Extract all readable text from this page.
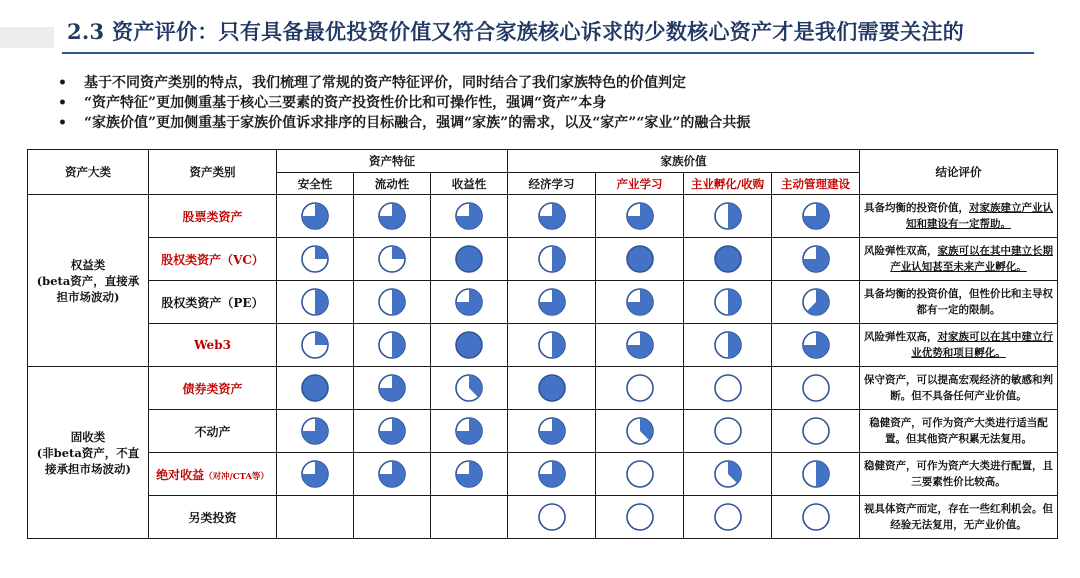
2.3 资产评价：只有具备最优投资价值又符合家族核心诉求的少数核心资产才是我们需要关注的
• 基于不同资产类别的特点，我们梳理了常规的资产特征评价，同时结合了我们家族特色的价值判定
• “资产特征”更加侧重基于核心三要素的资产投资性价比和可操作性，强调“资产”本身
• “家族价值”更加侧重基于家族价值诉求排序的目标融合，强调“家族”的需求，以及“家产”“家业”的融合共振
资产大类	资产类别	资产特征			家族价值				结论评价
		安全性	流动性	收益性	经济学习	产业学习	主业孵化/收购	主动管理建设	

权益类
(beta资产，直接承
担市场波动)	股票类资产								具备均衡的投资价值，对家族建立产业认知和建设有一定帮助。
	股权类资产（VC）								风险弹性双高，家族可以在其中建立长期产业认知甚至未来产业孵化。
	股权类资产（PE）								具备均衡的投资价值，但性价比和主导权都有一定的限制。
	Web3								风险弹性双高，对家族可以在其中建立行业优势和项目孵化。

固收类
(非beta资产，不直
接承担市场波动)	债券类资产								保守资产，可以提高宏观经济的敏感和判断。但不具备任何产业价值。
	不动产								稳健资产，可作为资产大类进行适当配置。但其他资产积累无法复用。
	绝对收益（对冲/CTA等）								稳健资产，可作为资产大类进行配置，且三要素性价比较高。
	另类投资								视具体资产而定，存在一些红利机会。但经验无法复用，无产业价值。
